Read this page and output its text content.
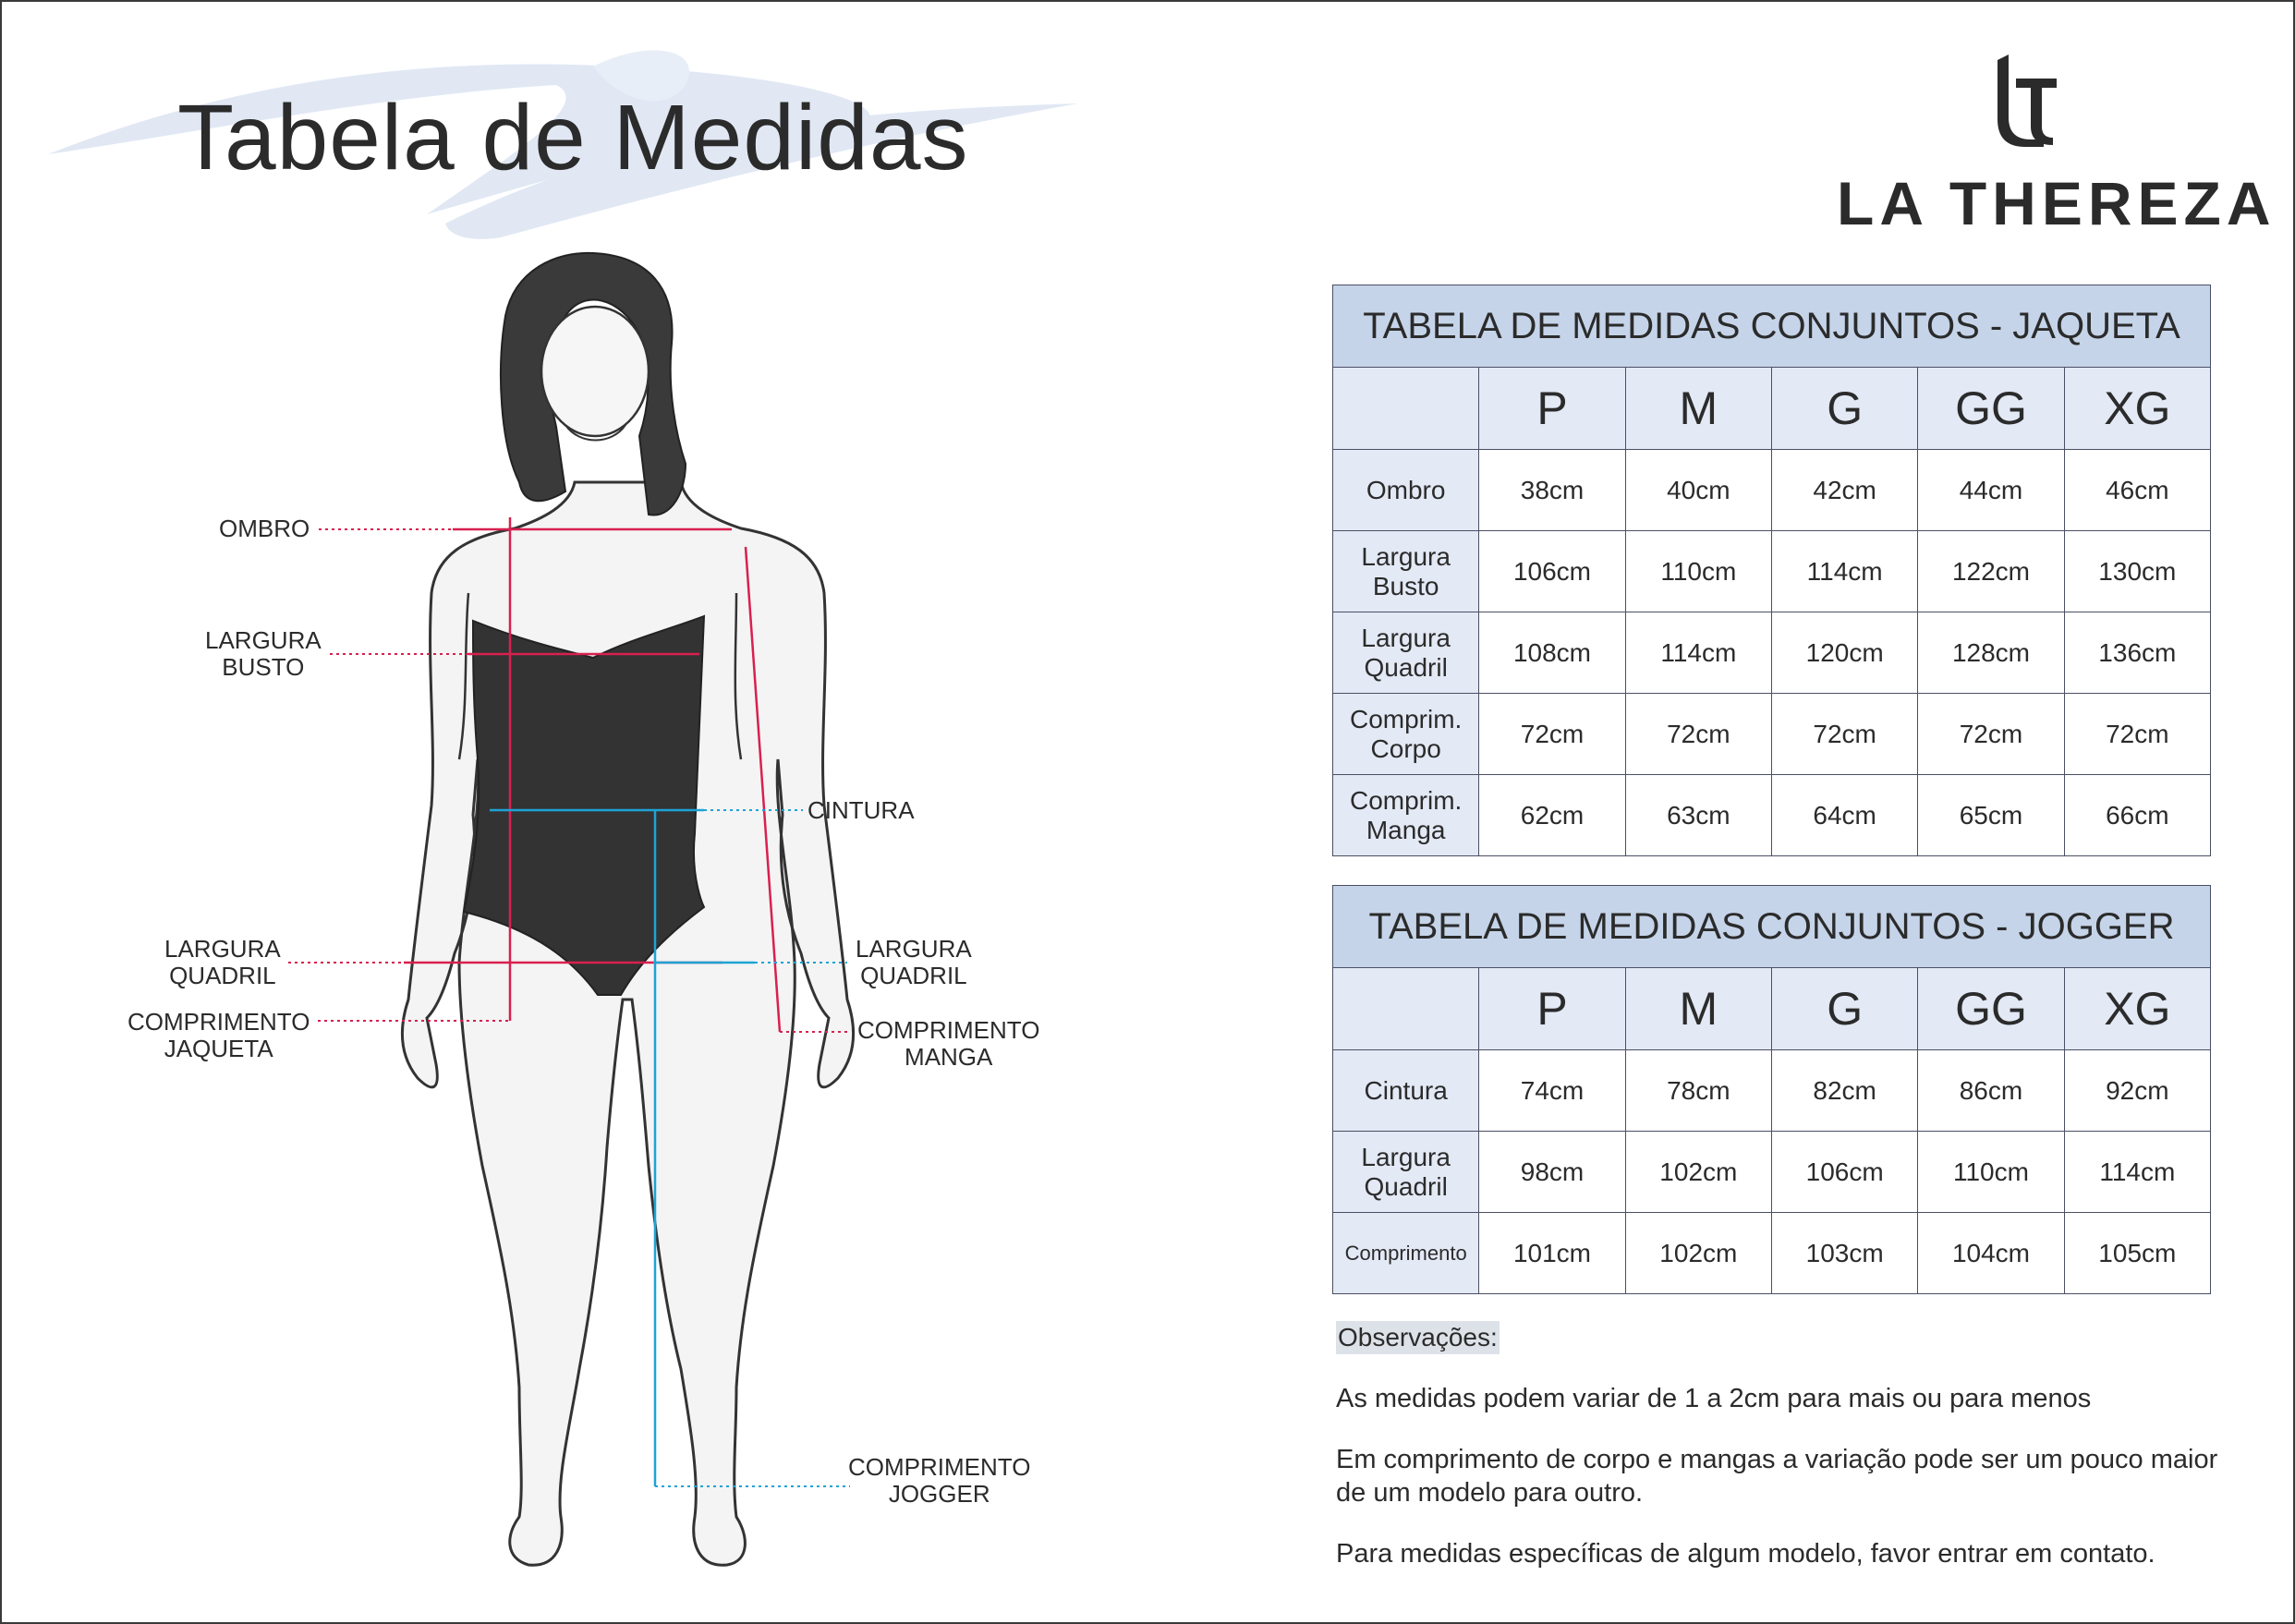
Tabela de Medidas
LA THEREZA
OMBRO
LARGURA
BUSTO
CINTURA
LARGURA
QUADRIL
COMPRIMENTO
JAQUETA
LARGURA
QUADRIL
COMPRIMENTO
MANGA
COMPRIMENTO
JOGGER
TABELA DE MEDIDAS CONJUNTOS - JAQUETA					
	P	M	G	GG	XG
Ombro	38cm	40cm	42cm	44cm	46cm
Largura
Busto	106cm	110cm	114cm	122cm	130cm
Largura
Quadril	108cm	114cm	120cm	128cm	136cm
Comprim.
Corpo	72cm	72cm	72cm	72cm	72cm
Comprim.
Manga	62cm	63cm	64cm	65cm	66cm
TABELA DE MEDIDAS CONJUNTOS - JOGGER					
	P	M	G	GG	XG
Cintura	74cm	78cm	82cm	86cm	92cm
Largura
Quadril	98cm	102cm	106cm	110cm	114cm
Comprimento	101cm	102cm	103cm	104cm	105cm
Observações:
As medidas podem variar de 1 a 2cm para mais ou para menos
Em comprimento de corpo e mangas a variação pode ser um pouco maior de um modelo para outro.
Para medidas específicas de algum modelo, favor entrar em contato.
